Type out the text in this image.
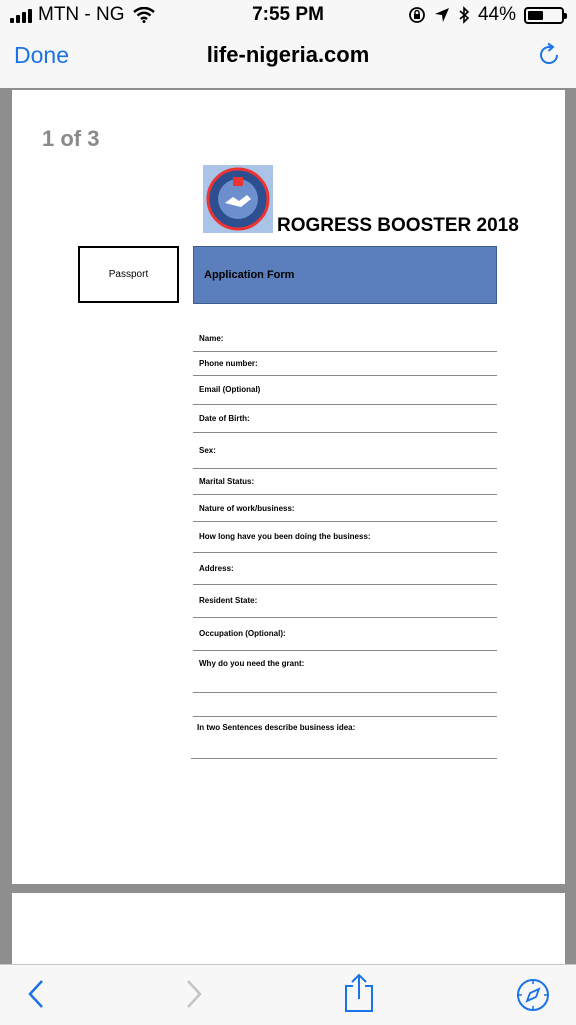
MTN - NG	7:55 PM	44%
Done	life-nigeria.com
1 of 3
ROGRESS BOOSTER 2018
Passport	Application Form
Name:
Phone number:
Email (Optional)
Date of Birth:
Sex:
Marital Status:
Nature of work/business:
How long have you been doing the business:
Address:
Resident State:
Occupation (Optional):
Why do you need the grant:
In two Sentences describe business idea:
